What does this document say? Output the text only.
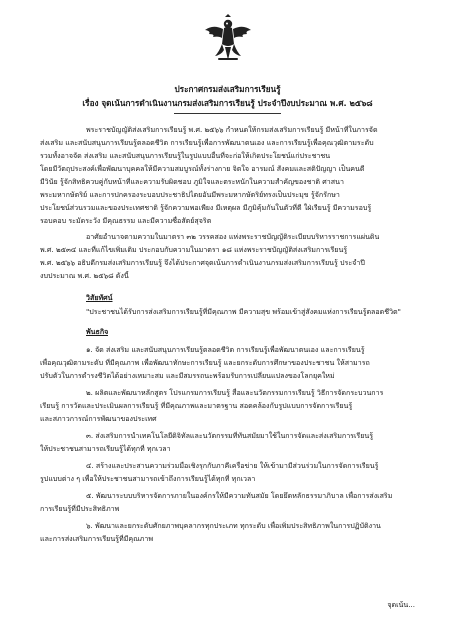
ประกาศกรมส่งเสริมการเรียนรู้
เรื่อง จุดเน้นการดำเนินงานกรมส่งเสริมการเรียนรู้ ประจำปีงบประมาณ พ.ศ. ๒๕๖๘
พระราชบัญญัติส่งเสริมการเรียนรู้ พ.ศ. ๒๕๖๖ กำหนดให้กรมส่งเสริมการเรียนรู้ มีหน้าที่ในการจัด
ส่งเสริม และสนับสนุนการเรียนรู้ตลอดชีวิต การเรียนรู้เพื่อการพัฒนาตนเอง และการเรียนรู้เพื่อคุณวุฒิตามระดับ
รวมทั้งอาจจัด ส่งเสริม และสนับสนุนการเรียนรู้ในรูปแบบอื่นที่จะก่อให้เกิดประโยชน์แก่ประชาชน
โดยมีวัตถุประสงค์เพื่อพัฒนาบุคคลให้มีความสมบูรณ์ทั้งร่างกาย จิตใจ อารมณ์ สังคมและสติปัญญา เป็นคนดี
มีวินัย รู้จักสิทธิควบคู่กับหน้าที่และความรับผิดชอบ ภูมิใจและตระหนักในความสำคัญของชาติ ศาสนา
พระมหากษัตริย์ และการปกครองระบอบประชาธิปไตยอันมีพระมหากษัตริย์ทรงเป็นประมุข รู้จักรักษา
ประโยชน์ส่วนรวมและของประเทศชาติ รู้จักความพอเพียง มีเหตุผล มีภูมิคุ้มกันในตัวที่ดี ใฝ่เรียนรู้ มีความรอบรู้
รอบคอบ ระมัดระวัง มีคุณธรรม และมีความซื่อสัตย์สุจริต
อาศัยอำนาจตามความในมาตรา ๓๒ วรรคสอง แห่งพระราชบัญญัติระเบียบบริหารราชการแผ่นดิน
พ.ศ. ๒๕๓๔ และที่แก้ไขเพิ่มเติม ประกอบกับความในมาตรา ๑๘ แห่งพระราชบัญญัติส่งเสริมการเรียนรู้
พ.ศ. ๒๕๖๖ อธิบดีกรมส่งเสริมการเรียนรู้ จึงได้ประกาศจุดเน้นการดำเนินงานกรมส่งเสริมการเรียนรู้ ประจำปี
งบประมาณ พ.ศ. ๒๕๖๘ ดังนี้
วิสัยทัศน์
"ประชาชนได้รับการส่งเสริมการเรียนรู้ที่มีคุณภาพ มีความสุข พร้อมเข้าสู่สังคมแห่งการเรียนรู้ตลอดชีวิต"
พันธกิจ
๑. จัด ส่งเสริม และสนับสนุนการเรียนรู้ตลอดชีวิต การเรียนรู้เพื่อพัฒนาตนเอง และการเรียนรู้
เพื่อคุณวุฒิตามระดับ ที่มีคุณภาพ เพื่อพัฒนาทักษะการเรียนรู้ และยกระดับการศึกษาของประชาชน ให้สามารถ
ปรับตัวในการดำรงชีวิตได้อย่างเหมาะสม และมีสมรรถนะพร้อมรับการเปลี่ยนแปลงของโลกยุคใหม่
๒. ผลิตและพัฒนาหลักสูตร โปรแกรมการเรียนรู้ สื่อและนวัตกรรมการเรียนรู้ วิธีการจัดกระบวนการ
เรียนรู้ การวัดและประเมินผลการเรียนรู้ ที่มีคุณภาพและมาตรฐาน สอดคล้องกับรูปแบบการจัดการเรียนรู้
และสภาวการณ์การพัฒนาของประเทศ
๓. ส่งเสริมการนำเทคโนโลยีดิจิทัลและนวัตกรรมที่ทันสมัยมาใช้ในการจัดและส่งเสริมการเรียนรู้
ให้ประชาชนสามารถเรียนรู้ได้ทุกที่ ทุกเวลา
๔. สร้างและประสานความร่วมมือเชิงรุกกับภาคีเครือข่าย ให้เข้ามามีส่วนร่วมในการจัดการเรียนรู้
รูปแบบต่าง ๆ เพื่อให้ประชาชนสามารถเข้าถึงการเรียนรู้ได้ทุกที่ ทุกเวลา
๕. พัฒนาระบบบริหารจัดการภายในองค์กรให้มีความทันสมัย โดยยึดหลักธรรมาภิบาล เพื่อการส่งเสริม
การเรียนรู้ที่มีประสิทธิภาพ
๖. พัฒนาและยกระดับศักยภาพบุคลากรทุกประเภท ทุกระดับ เพื่อเพิ่มประสิทธิภาพในการปฏิบัติงาน
และการส่งเสริมการเรียนรู้ที่มีคุณภาพ
จุดเน้น...
